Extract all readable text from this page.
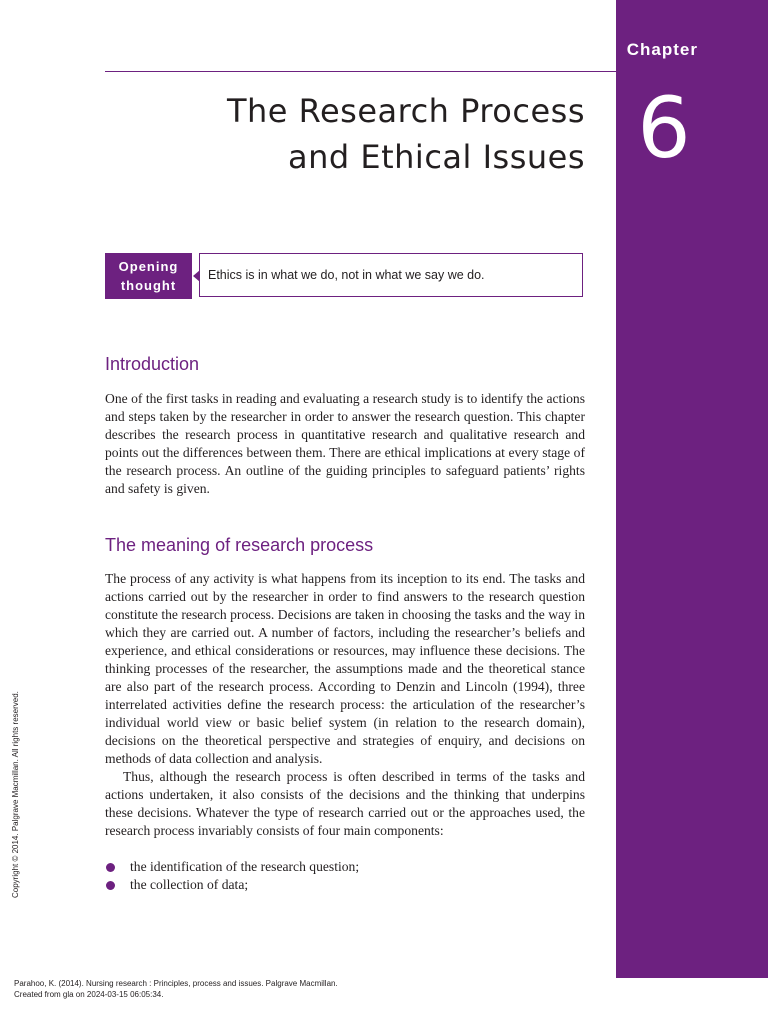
Chapter
6
The Research Process
and Ethical Issues
Opening
thought
Ethics is in what we do, not in what we say we do.
Introduction

One of the first tasks in reading and evaluating a research study is to identify the actions and steps taken by the researcher in order to answer the research question. This chapter describes the research process in quantitative research and qualitative research and points out the differences between them. There are ethical implications at every stage of the research process. An outline of the guiding principles to safeguard patients’ rights and safety is given.

The meaning of research process

The process of any activity is what happens from its inception to its end. The tasks and actions carried out by the researcher in order to find answers to the research question constitute the research process. Decisions are taken in choosing the tasks and the way in which they are carried out. A number of factors, including the researcher’s beliefs and experience, and ethical considerations or resources, may influence these decisions. The thinking processes of the researcher, the assumptions made and the theoretical stance are also part of the research process. According to Denzin and Lincoln (1994), three interrelated activities define the research process: the articulation of the researcher’s individual world view or basic belief system (in relation to the research domain), decisions on the theoretical perspective and strategies of enquiry, and decisions on methods of data collection and analysis.

Thus, although the research process is often described in terms of the tasks and actions undertaken, it also consists of the decisions and the thinking that underpins these decisions. Whatever the type of research carried out or the approaches used, the research process invariably consists of four main components:

the identification of the research question;
the collection of data;
Copyright © 2014. Palgrave Macmillan. All rights reserved.
Parahoo, K. (2014). Nursing research : Principles, process and issues. Palgrave Macmillan.
Created from gla on 2024-03-15 06:05:34.
